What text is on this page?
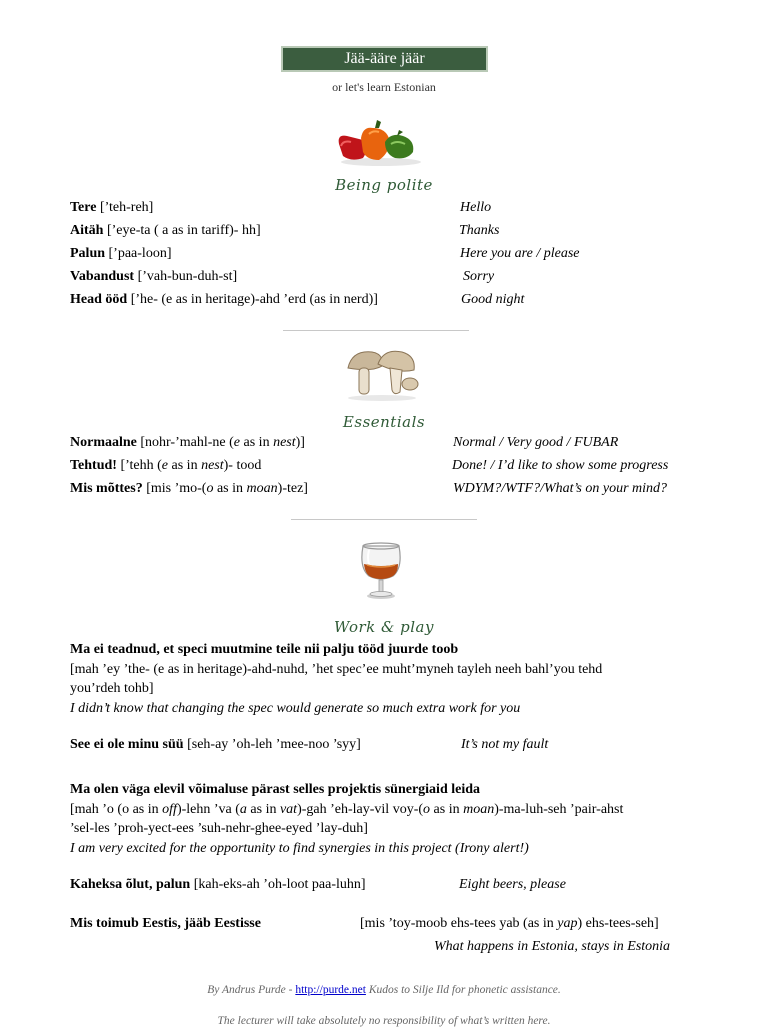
Jää-ääre jäär
or let's learn Estonian
Being polite
Tere [’teh-reh]	Hello
Aitäh [’eye-ta ( a as in tariff)- hh]	Thanks
Palun [’paa-loon]	Here you are / please
Vabandust [’vah-bun-duh-st]	Sorry
Head ööd [’he- (e as in heritage)-ahd ’erd (as in nerd)]	Good night
Essentials
Normaalne [nohr-’mahl-ne (e as in nest)]	Normal / Very good / FUBAR
Tehtud! [’tehh (e as in nest)- tood	Done! / I’d like to show some progress
Mis mõttes? [mis ’mo-(o as in moan)-tez]	WDYM?/WTF?/What’s on your mind?
Work & play
Ma ei teadnud, et speci muutmine teile nii palju tööd juurde toob
[mah ’ey ’the- (e as in heritage)-ahd-nuhd, ’het spec’ee muht’myneh tayleh neeh bahl’you tehd
you’rdeh tohb]
I didn’t know that changing the spec would generate so much extra work for you
See ei ole minu süü [seh-ay ’oh-leh ’mee-noo ’syy]	It’s not my fault
Ma olen väga elevil võimaluse pärast selles projektis sünergiaid leida
[mah ’o (o as in off)-lehn ’va (a as in vat)-gah ’eh-lay-vil voy-(o as in moan)-ma-luh-seh ’pair-ahst
’sel-les ’proh-yect-ees ’suh-nehr-ghee-eyed ’lay-duh]
I am very excited for the opportunity to find synergies in this project (Irony alert!)
Kaheksa õlut, palun [kah-eks-ah ’oh-loot paa-luhn]	Eight beers, please
Mis toimub Eestis, jääb Eestisse	[mis ’toy-moob ehs-tees yab (as in yap) ehs-tees-seh]
What happens in Estonia, stays in Estonia
By Andrus Purde - http://purde.net Kudos to Silje Ild for phonetic assistance.
The lecturer will take absolutely no responsibility of what’s written here.
